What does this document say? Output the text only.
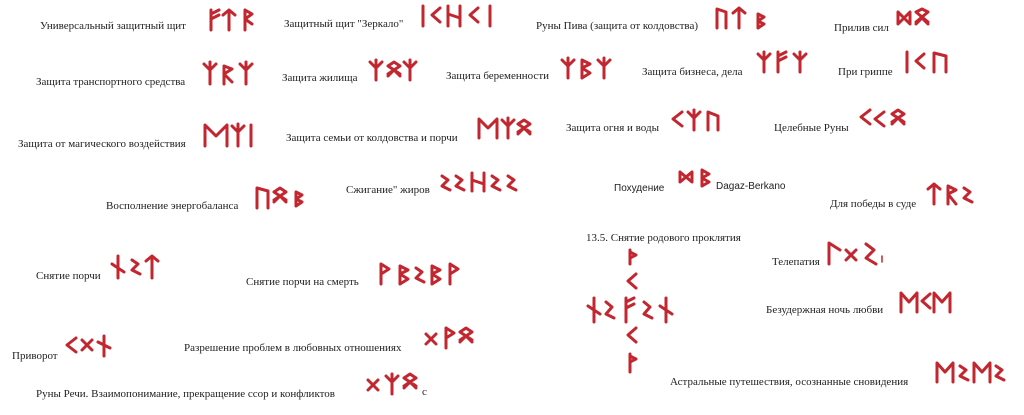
Универсальный защитный щит	Защитный щит "Зеркало"	Руны Пива (защита от колдовства)	Прилив сил
Защита транспортного средства	Защита жилища	Защита беременности	Защита бизнеса, дела	При гриппе
Защита от магического воздействия	Защита семьи от колдовства и порчи
Защита огня и воды	Целебные Руны
Восполнение энергобаланса
Сжигание" жиров	Похудение	Dagaz-Berkano
Для победы в суде
13.5. Снятие родового проклятия
Снятие порчи	Снятие порчи на смерть
Телепатия
Безудержная ночь любви
Приворот
Разрешение проблем в любовных отношениях
Руны Речи. Взаимопонимание, прекращение ссор и конфликтов	с
Астральные путешествия, осознанные сновидения
